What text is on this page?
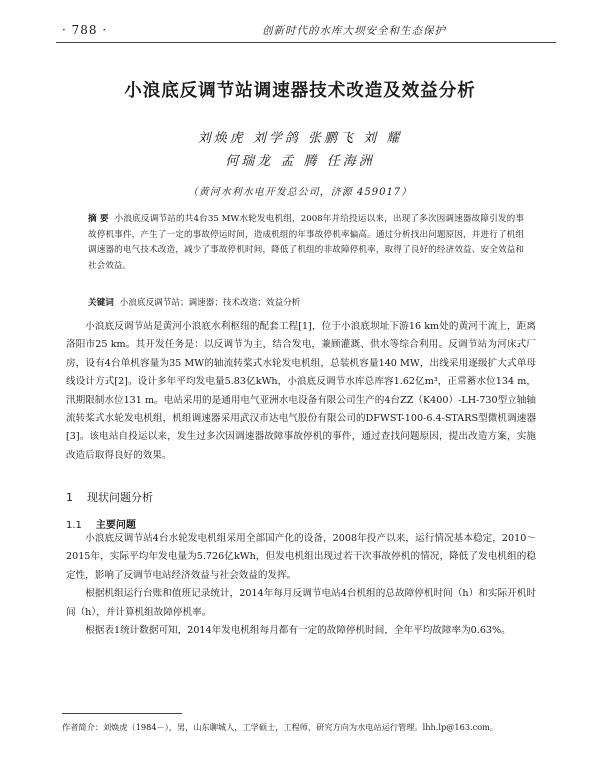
· 788 ·	创新时代的水库大坝安全和生态保护
小浪底反调节站调速器技术改造及效益分析
刘焕虎 刘学鸽 张鹏飞 刘 耀
何瑞龙 孟 腾 任海洲
（黄河水利水电开发总公司，济源 459017）
摘 要 小浪底反调节站的共4台35 MW水轮发电机组，2008年并给投运以来，出现了多次因调速器故障引发的事故停机事件，产生了一定的事故停运时间，造成机组的年事故停机率偏高。通过分析找出问题原因，并进行了机组调速器的电气技术改造，减少了事故停机时间，降低了机组的非故障停机率，取得了良好的经济效益、安全效益和社会效益。
关键词 小浪底反调节站；调速器；技术改造；效益分析

小浪底反调节站是黄河小浪底水利枢纽的配套工程[1]，位于小浪底坝址下游16 km处的黄河干流上，距离洛阳市25 km。其开发任务是：以反调节为主，结合发电，兼顾灌溉、供水等综合利用。反调节站为河床式厂房，设有4台单机容量为35 MW的轴流转桨式水轮发电机组，总装机容量140 MW，出线采用逐级扩大式单母线设计方式[2]。设计多年平均发电量5.83亿kWh，小浪底反调节水库总库容1.62亿m³，正常蓄水位134 m，汛期限制水位131 m。电站采用的是通用电气亚洲水电设备有限公司生产的4台ZZ（K400）-LH-730型立轴轴流转桨式水轮发电机组，机组调速器采用武汉市达电气股份有限公司的DFWST-100-6.4-STARS型微机调速器[3]。该电站自投运以来，发生过多次因调速器故障事故停机的事件，通过查找问题原因，提出改造方案，实施改造后取得良好的效果。

1 现状问题分析
1.1 主要问题

小浪底反调节站4台水轮发电机组采用全部国产化的设备，2008年投产以来，运行情况基本稳定，2010～2015年，实际平均年发电量为5.726亿kWh，但发电机组出现过若干次事故停机的情况，降低了发电机组的稳定性，影响了反调节电站经济效益与社会效益的发挥。

根据机组运行台账和值班记录统计，2014年每月反调节电站4台机组的总故障停机时间（h）和实际开机时间（h），并计算机组故障停机率。

根据表1统计数据可知，2014年发电机组每月都有一定的故障停机时间，全年平均故障率为0.63%。

作者简介：刘焕虎（1984－），男，山东聊城人，工学硕士，工程师，研究方向为水电站运行管理。lhh.lp@163.com。
